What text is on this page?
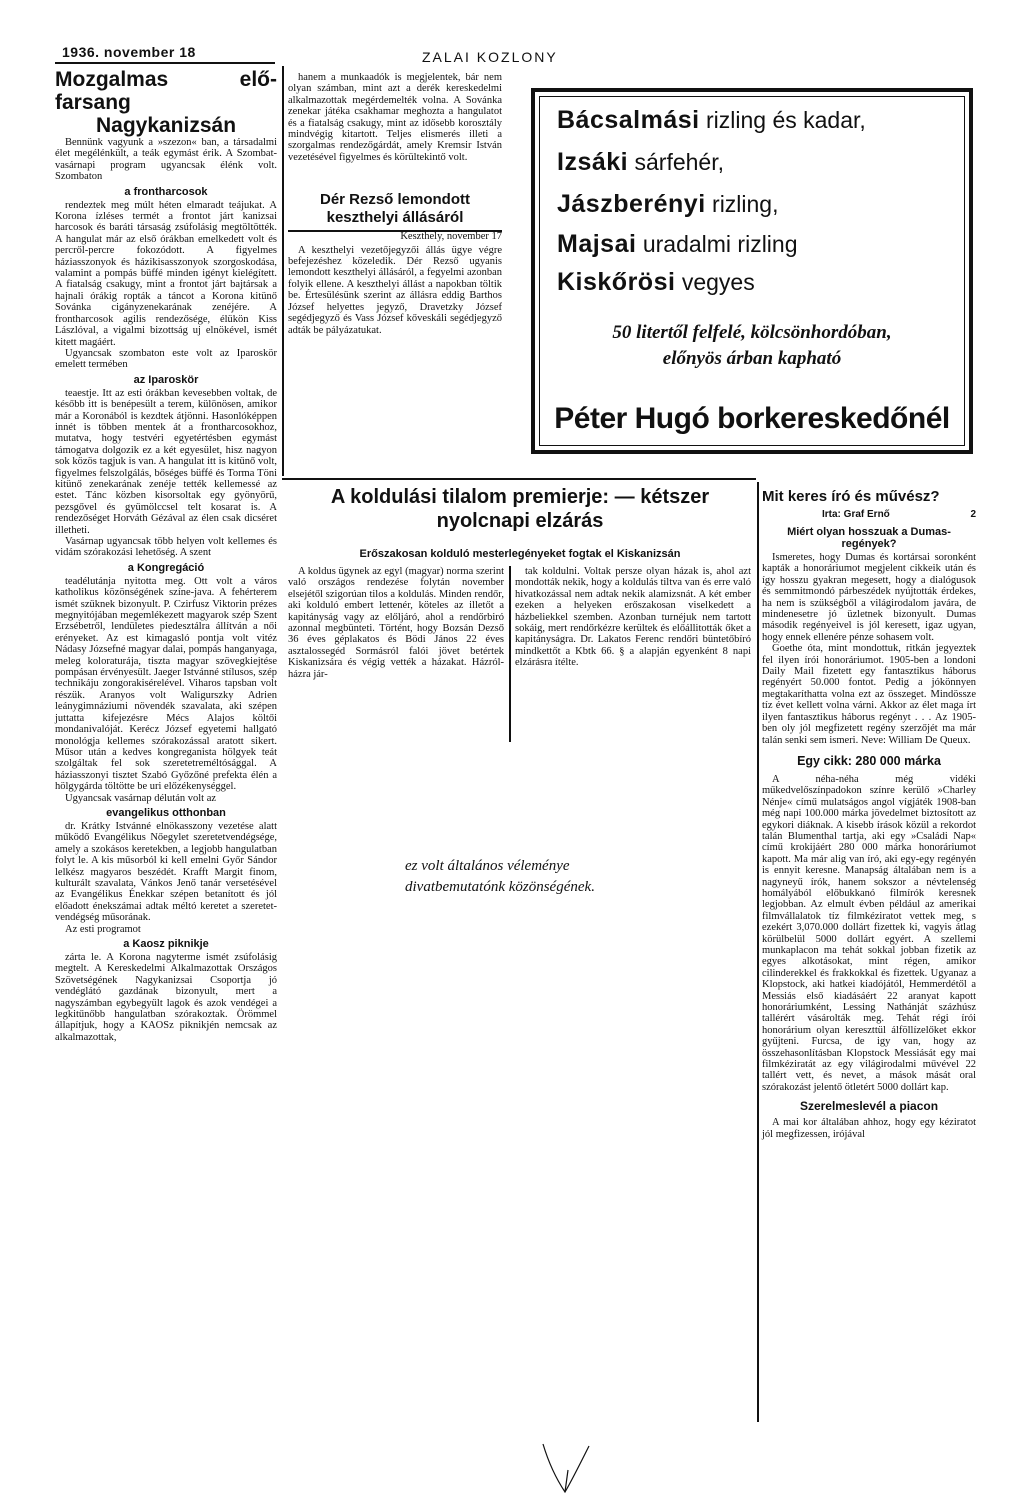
1936. november 18	ZALAI KOZLONY
Mozgalmas elő-farsang
Nagykanizsán

Bennünk vagyunk a »szezon« ban, a társadalmi élet megélénkült, a teák egymást érik. A Szombat-vasárnapi program ugyancsak élénk volt. Szombaton

a frontharcosok

rendeztek meg múlt héten elmaradt teájukat. A Korona ízléses termét a frontot járt kanizsai harcosok és baráti társaság zsúfolásig megtöltötték. A hangulat már az első órákban emelkedett volt és percről-percre fokozódott. A figyelmes háziasszonyok és házikisasszonyok szorgoskodása, valamint a pompás büffé minden igényt kielégített. A fiatalság csakugy, mint a frontot járt bajtársak a hajnali órákig ropták a táncot a Korona kitünő Sovánka cigányzenekarának zenéjére. A frontharcosok agilis rendezősége, élükön Kiss Lászlóval, a vigalmi bizottság uj elnökével, ismét kitett magáért.

Ugyancsak szombaton este volt az Iparoskör emelett termében

az Iparoskör

teaestje. Itt az esti órákban kevesebben voltak, de később itt is benépesült a terem, különösen, amikor már a Koronából is kezdtek átjönni. Hasonlóképpen innét is többen mentek át a frontharcosokhoz, mutatva, hogy testvéri egyetértésben egymást támogatva dolgozik ez a két egyesület, hisz nagyon sok közös tagjuk is van. A hangulat itt is kitünő volt, figyelmes felszolgálás, bőséges büffé és Torma Töni kitünő zenekarának zenéje tették kellemessé az estet. Tánc közben kisorsoltak egy gyönyörű, pezsgővel és gyümölccsel telt kosarat is. A rendezőséget Horváth Gézával az élen csak dicséret illetheti.

Vasárnap ugyancsak több helyen volt kellemes és vidám szórakozási lehetőség. A szent

a Kongregáció

teadélutánja nyitotta meg. Ott volt a város katholikus közönségének színe-java. A fehérterem ismét szüknek bizonyult. P. Czirfusz Viktorin prézes megnyitójában megemlékezett magyarok szép Szent Erzsébetről, lendületes piedesztálra állítván a női erényeket. Az est kimagasló pontja volt vitéz Nádasy Józsefné magyar dalai, pompás hanganyaga, meleg koloraturája, tiszta magyar szövegkiejtése pompásan érvényesült. Jaeger Istvánné stílusos, szép technikáju zongorakisérelével. Viharos tapsban volt részük. Aranyos volt Waligurszky Adrien leánygimnáziumi növendék szavalata, aki szépen juttatta kifejezésre Mécs Alajos költői mondanivalóját. Kerécz József egyetemi hallgató monológja kellemes szórakozással aratott sikert. Műsor után a kedves kongreganista hölgyek teát szolgáltak fel sok szeretetreméltósággal. A háziasszonyi tisztet Szabó Győzőné prefekta élén a hölgygárda töltötte be uri előzékenységgel.

Ugyancsak vasárnap délután volt az

evangelikus otthonban

dr. Krátky Istvánné elnökasszony vezetése alatt működő Evangélikus Nőegylet szeretetvendégsége, amely a szokásos keretekben, a legjobb hangulatban folyt le. A kis műsorból ki kell emelni Győr Sándor lelkész magyaros beszédét. Krafft Margit finom, kulturált szavalata, Vánkos Jenő tanár versetésével az Evangélikus Énekkar szépen betanított és jól előadott énekszámai adtak méltó keretet a szeretet-vendégség műsorának.

Az esti programot

a Kaosz piknikje

zárta le. A Korona nagyterme ismét zsúfolásig megtelt. A Kereskedelmi Alkalmazottak Országos Szövetségének Nagykanizsai Csoportja jó vendéglátó gazdának bizonyult, mert a nagyszámban egybegyült lagok és azok vendégei a legkitűnőbb hangulatban szórakoztak. Örömmel állapítjuk, hogy a KAOSz piknikjén nemcsak az alkalmazottak,

hanem a munkaadók is megjelentek, bár nem olyan számban, mint azt a derék kereskedelmi alkalmazottak megérdemelték volna. A Sovánka zenekar játéka csakhamar meghozta a hangulatot és a fiatalság csakugy, mint az idősebb korosztály mindvégig kitartott. Teljes elismerés illeti a szorgalmas rendezőgárdát, amely Kremsir István vezetésével figyelmes és körültekintő volt.

Dér Rezső lemondott
keszthelyi állásáról
Keszthely, november 17

A keszthelyi vezetőjegyzői állás ügye végre befejezéshez közeledik. Dér Rezső ugyanis lemondott keszthelyi állásáról, a fegyelmi azonban folyik ellene. A keszthelyi állást a napokban töltik be. Értesülésünk szerint az állásra eddig Barthos József helyettes jegyző, Dravetzky József segédjegyző és Vass József kőveskáli segédjegyző adták be pályázatukat.

Bácsalmási rizling és kadar,
Izsáki sárfehér,
Jászberényi rizling,
Majsai uradalmi rizling
Kiskőrösi vegyes
50 litertől felfelé, kölcsönhordóban,
előnyös árban kapható
Péter Hugó borkereskedőnél
A koldulási tilalom premierje: — kétszer
nyolcnapi elzárás
Erőszakosan kolduló mesterlegényeket fogtak el Kiskanizsán

A koldus ügynek az egyl (magyar) norma szerint való országos rendezése folytán november elsejétől szigorúan tilos a koldulás. Minden rendőr, aki kolduló embert lettenér, köteles az illetőt a kapitányság vagy az előljáró, ahol a rendőrbiró azonnal megbünteti. Történt, hogy Bozsán Dezső 36 éves géplakatos és Bödi János 22 éves asztalossegéd Sormásról falói jövet betértek Kiskanizsára és végig vették a házakat. Házról-házra jár-

tak koldulni. Voltak persze olyan házak is, ahol azt mondották nekik, hogy a koldulás tiltva van és erre való hivatkozással nem adtak nekik alamizsnát. A két ember ezeken a helyeken erőszakosan viselkedett a házbeliekkel szemben. Azonban turnéjuk nem tartott sokáig, mert rendőrkézre kerültek és előállitották őket a kapitányságra. Dr. Lakatos Ferenc rendőri büntetőbíró mindkettőt a Kbtk 66. § a alapján egyenként 8 napi elzárásra ítélte.

ez volt általános véleménye
divatbemutatónk közönségének.
Mit keres író és művész?
Irta: Graf Ernő	2
Miért olyan hosszuak a Dumas-regények?

Ismeretes, hogy Dumas és kortársai soronként kapták a honoráriumot megjelent cikkeik után és így hosszu gyakran megesett, hogy a dialógusok és semmitmondó párbeszédek nyújtották érdekes, ha nem is szükségből a világirodalom javára, de mindenesetre jó üzletnek bizonyult. Dumas második regényeivel is jól keresett, igaz ugyan, hogy ennek ellenére pénze sohasem volt.

Goethe óta, mint mondottuk, ritkán jegyeztek fel ilyen írói honoráriumot. 1905-ben a londoni Daily Mail fizetett egy fantasztikus háborus regényért 50.000 fontot. Pedig a jókönnyen megtakaríthatta volna ezt az összeget. Mindössze tíz évet kellett volna várni. Akkor az élet maga írt ilyen fantasztikus háborus regényt . . . Az 1905-ben oly jól megfizetett regény szerzőjét ma már talán senki sem ismeri. Neve: William De Queux.

Egy cikk: 280 000 márka

A néha-néha még vidéki műkedvelőszínpadokon színre kerülő »Charley Nénje« című mulatságos angol vígjáték 1908-ban még napi 100.000 márka jövedelmet biztosított az egykori diáknak. A kisebb írások közül a rekordot talán Blumenthal tartja, aki egy »Családi Nap« című krokijáért 280 000 márka honoráriumot kapott. Ma már alig van író, aki egy-egy regényén is ennyit keresne. Manapság általában nem is a nagyneyű írók, hanem sokszor a névtelenség homályából előbukkanó filmírók keresnek legjobban. Az elmult évben például az amerikai filmvállalatok tíz filmkéziratot vettek meg, s ezekért 3,070.000 dollárt fizettek ki, vagyis átlag körülbelül 5000 dollárt egyért. A szellemi munkaplacon ma tehát sokkal jobban fizetik az egyes alkotásokat, mint régen, amikor cilinderekkel és frakkokkal és fizettek. Ugyanaz a Klopstock, aki hatkei kiadójától, Hemmerdétől a Messiás első kiadásáért 22 aranyat kapott honoráriumként, Lessing Nathánját százhúsz tallérért vásárolták meg. Tehát régi írói honorárium olyan kereszttül álföllízelőket ekkor gyűjteni. Furcsa, de igy van, hogy az összehasonlításban Klopstock Messiását egy mai filmkéziratát az egy világirodalmi művével 22 tallért vett, és nevet, a mások mását oral szórakozást jelentő ötletért 5000 dollárt kap.

Szerelmeslevél a piacon

A mai kor általában ahhoz, hogy egy kéziratot jól megfizessen, irójával
